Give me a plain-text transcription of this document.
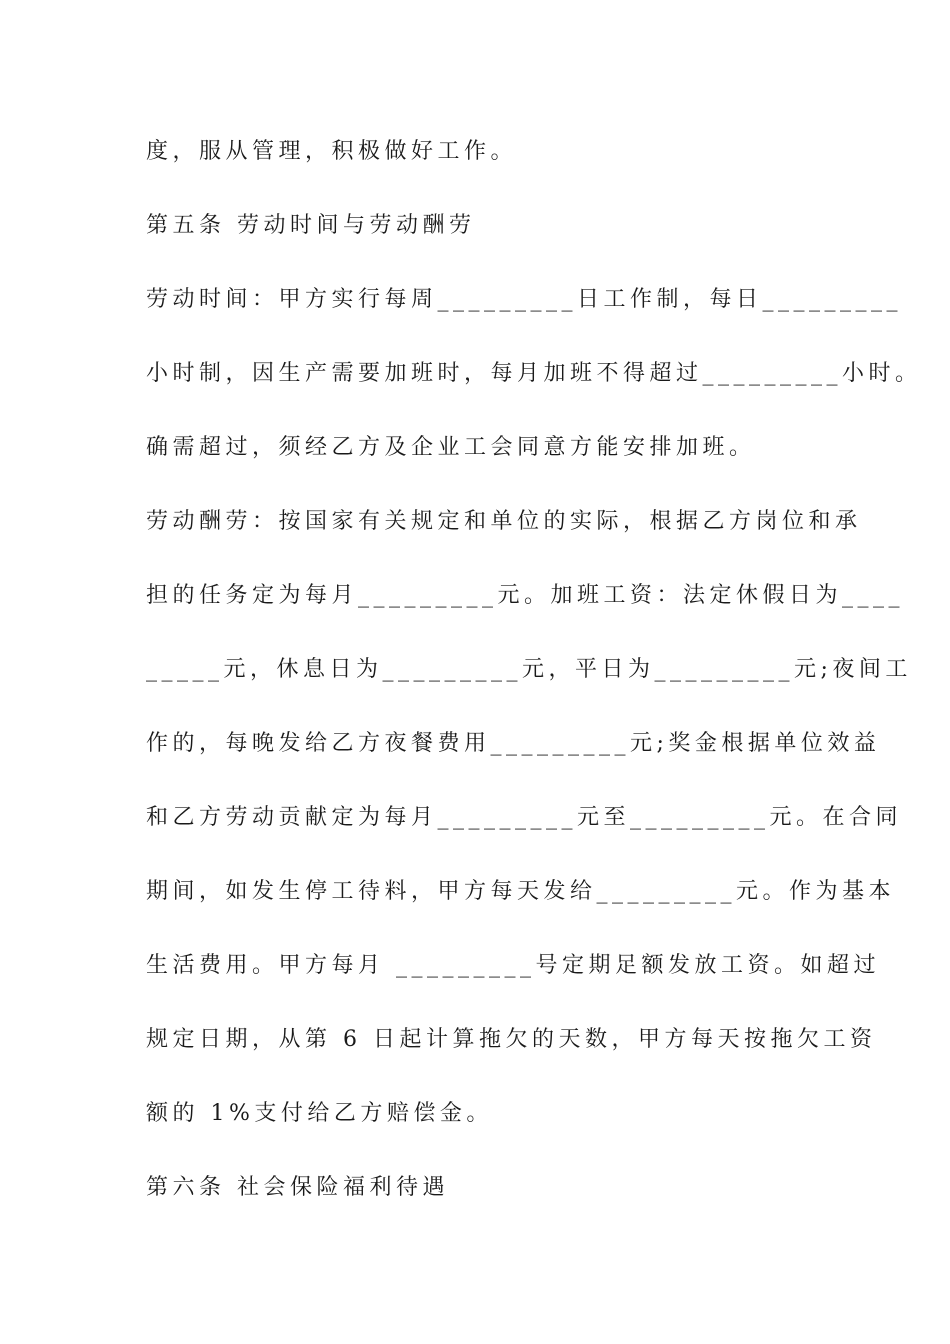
度，服从管理，积极做好工作。
第五条 劳动时间与劳动酬劳
劳动时间：甲方实行每周_________日工作制，每日_________
小时制，因生产需要加班时，每月加班不得超过_________小时。
确需超过，须经乙方及企业工会同意方能安排加班。
劳动酬劳：按国家有关规定和单位的实际，根据乙方岗位和承
担的任务定为每月_________元。加班工资：法定休假日为____
_____元，休息日为_________元，平日为_________元;夜间工
作的，每晚发给乙方夜餐费用_________元;奖金根据单位效益
和乙方劳动贡献定为每月_________元至_________元。在合同
期间，如发生停工待料，甲方每天发给_________元。作为基本
生活费用。甲方每月 _________号定期足额发放工资。如超过
规定日期，从第 6 日起计算拖欠的天数，甲方每天按拖欠工资
额的 1%支付给乙方赔偿金。
第六条 社会保险福利待遇
